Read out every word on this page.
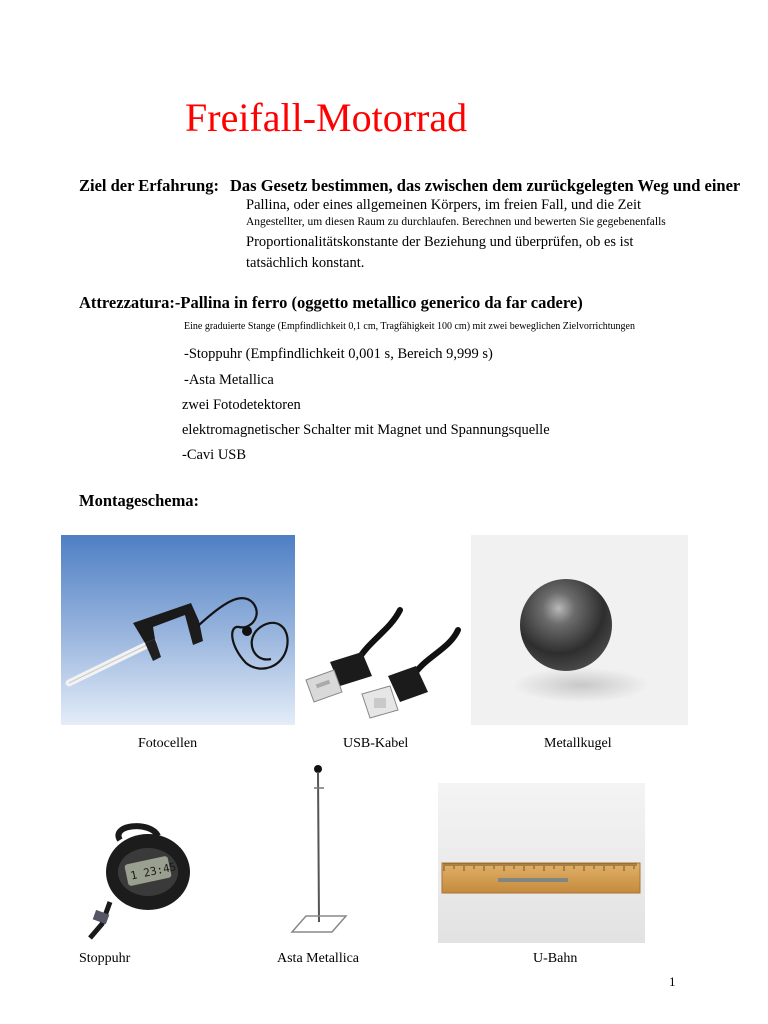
Freifall-Motorrad
Ziel der Erfahrung: Das Gesetz bestimmen, das zwischen dem zurückgelegten Weg und einer
Pallina, oder eines allgemeinen Körpers, im freien Fall, und die Zeit
Angestellter, um diesen Raum zu durchlaufen. Berechnen und bewerten Sie gegebenenfalls
Proportionalitätskonstante der Beziehung und überprüfen, ob es ist
tatsächlich konstant.
Attrezzatura:-Pallina in ferro (oggetto metallico generico da far cadere)
Eine graduierte Stange (Empfindlichkeit 0,1 cm, Tragfähigkeit 100 cm) mit zwei beweglichen Zielvorrichtungen
-Stoppuhr (Empfindlichkeit 0,001 s, Bereich 9,999 s)
-Asta Metallica
zwei Fotodetektoren
elektromagnetischer Schalter mit Magnet und Spannungsquelle
-Cavi USB
Montageschema:
Fotocellen	USB-Kabel	Metallkugel
1 23:45
Stoppuhr	Asta Metallica	U-Bahn
1
